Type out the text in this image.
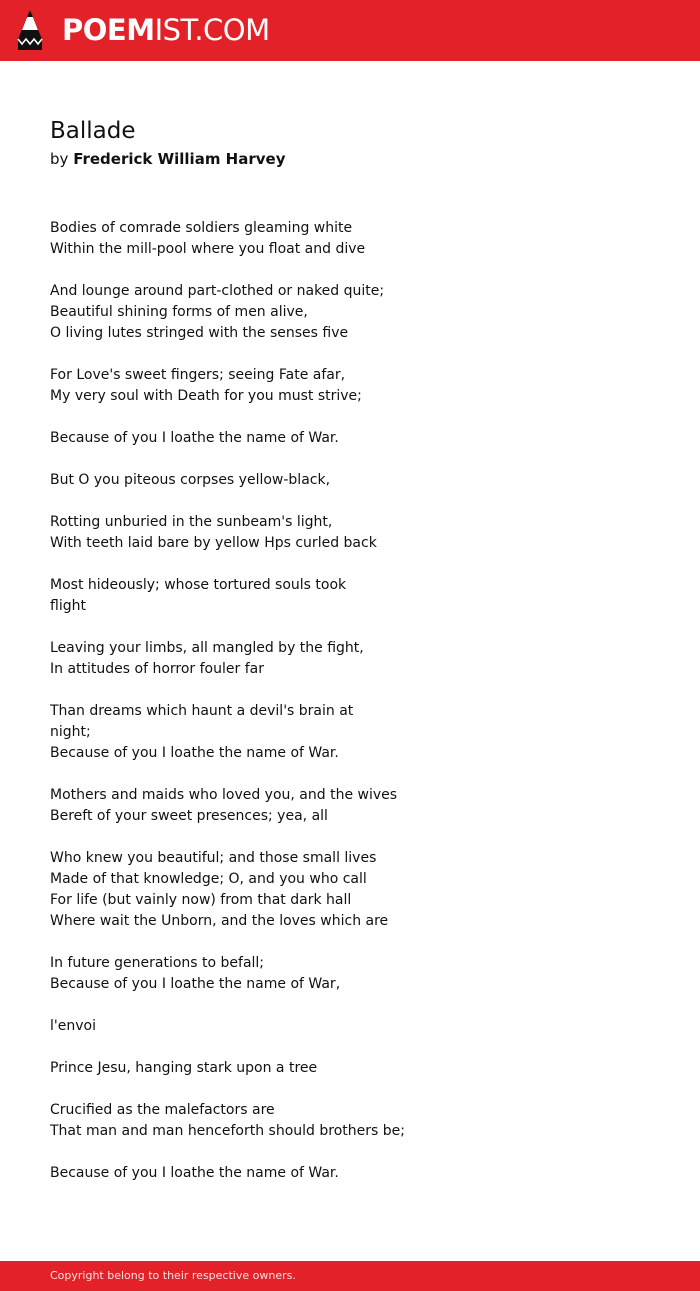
POEMIST.COM
Ballade
by Frederick William Harvey
Bodies of comrade soldiers gleaming white
Within the mill-pool where you float and dive
And lounge around part-clothed or naked quite;
Beautiful shining forms of men alive,
O living lutes stringed with the senses five
For Love's sweet fingers; seeing Fate afar,
My very soul with Death for you must strive;
Because of you I loathe the name of War.
But O you piteous corpses yellow-black,
Rotting unburied in the sunbeam's light,
With teeth laid bare by yellow Hps curled back
Most hideously; whose tortured souls took
flight
Leaving your limbs, all mangled by the fight,
In attitudes of horror fouler far
Than dreams which haunt a devil's brain at
night;
Because of you I loathe the name of War.
Mothers and maids who loved you, and the wives
Bereft of your sweet presences; yea, all
Who knew you beautiful; and those small lives
Made of that knowledge; O, and you who call
For life (but vainly now) from that dark hall
Where wait the Unborn, and the loves which are
In future generations to befall;
Because of you I loathe the name of War,
l'envoi
Prince Jesu, hanging stark upon a tree
Crucified as the malefactors are
That man and man henceforth should brothers be;
Because of you I loathe the name of War.
Copyright belong to their respective owners.
